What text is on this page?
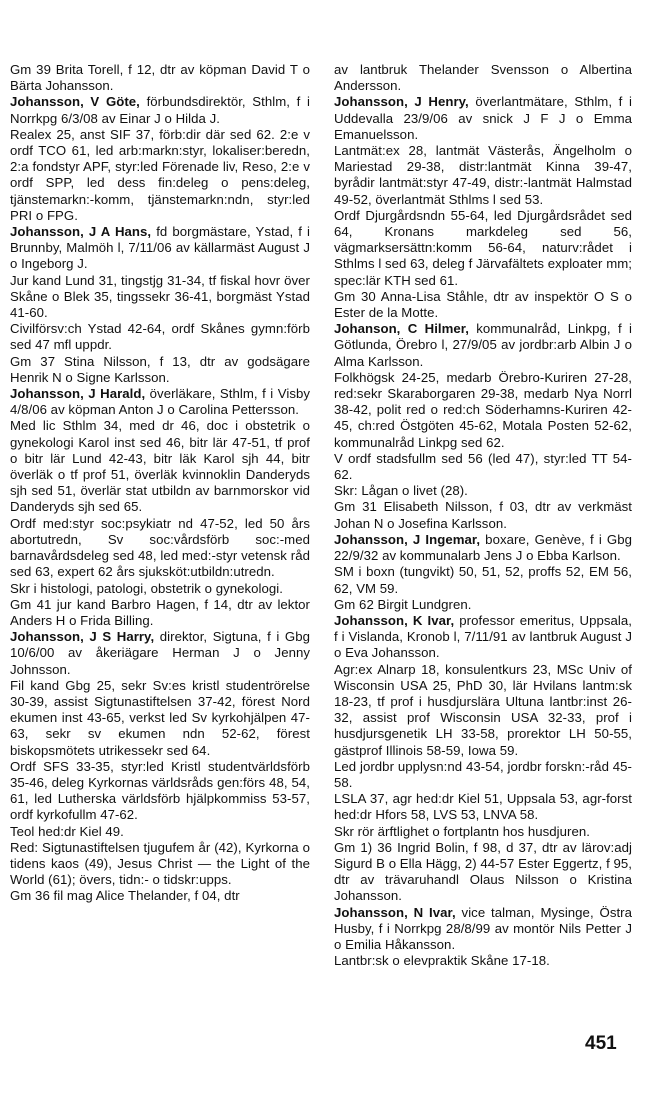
Gm 39 Brita Torell, f 12, dtr av köpman David T o Bärta Johansson.

Johansson, V Göte, förbundsdirektör, Sthlm, f i Norrkpg 6/3/08 av Einar J o Hilda J.

Realex 25, anst SIF 37, förb:dir där sed 62. 2:e v ordf TCO 61, led arb:markn:styr, lokaliser:beredn, 2:a fondstyr APF, styr:led Förenade liv, Reso, 2:e v ordf SPP, led dess fin:deleg o pens:deleg, tjänstemarkn:-komm, tjänstemarkn:ndn, styr:led PRI o FPG.

Johansson, J A Hans, fd borgmästare, Ystad, f i Brunnby, Malmöh l, 7/11/06 av källarmäst August J o Ingeborg J.

Jur kand Lund 31, tingstjg 31-34, tf fiskal hovr över Skåne o Blek 35, tingssekr 36-41, borgmäst Ystad 41-60.

Civilförsv:ch Ystad 42-64, ordf Skånes gymn:förb sed 47 mfl uppdr.

Gm 37 Stina Nilsson, f 13, dtr av godsägare Henrik N o Signe Karlsson.

Johansson, J Harald, överläkare, Sthlm, f i Visby 4/8/06 av köpman Anton J o Carolina Pettersson.

Med lic Sthlm 34, med dr 46, doc i obstetrik o gynekologi Karol inst sed 46, bitr lär 47-51, tf prof o bitr lär Lund 42-43, bitr läk Karol sjh 44, bitr överläk o tf prof 51, överläk kvinnoklin Danderyds sjh sed 51, överlär stat utbildn av barnmorskor vid Danderyds sjh sed 65.

Ordf med:styr soc:psykiatr nd 47-52, led 50 års abortutredn, Sv soc:vårdsförb soc:-med barnavårdsdeleg sed 48, led med:-styr vetensk råd sed 63, expert 62 års sjuksköt:utbildn:utredn.

Skr i histologi, patologi, obstetrik o gynekologi.

Gm 41 jur kand Barbro Hagen, f 14, dtr av lektor Anders H o Frida Billing.

Johansson, J S Harry, direktor, Sigtuna, f i Gbg 10/6/00 av åkeriägare Herman J o Jenny Johnsson.

Fil kand Gbg 25, sekr Sv:es kristl studentrörelse 30-39, assist Sigtunastiftelsen 37-42, förest Nord ekumen inst 43-65, verkst led Sv kyrkohjälpen 47-63, sekr sv ekumen ndn 52-62, förest biskopsmötets utrikessekr sed 64.

Ordf SFS 33-35, styr:led Kristl studentvärldsförb 35-46, deleg Kyrkornas världsråds gen:förs 48, 54, 61, led Lutherska världsförb hjälpkommiss 53-57, ordf kyrkofullm 47-62.

Teol hed:dr Kiel 49.

Red: Sigtunastiftelsen tjugufem år (42), Kyrkorna o tidens kaos (49), Jesus Christ — the Light of the World (61); övers, tidn:- o tidskr:upps.

Gm 36 fil mag Alice Thelander, f 04, dtr

av lantbruk Thelander Svensson o Albertina Andersson.

Johansson, J Henry, överlantmätare, Sthlm, f i Uddevalla 23/9/06 av snick J F J o Emma Emanuelsson.

Lantmät:ex 28, lantmät Västerås, Ängelholm o Mariestad 29-38, distr:lantmät Kinna 39-47, byrådir lantmät:styr 47-49, distr:-lantmät Halmstad 49-52, överlantmät Sthlms l sed 53.

Ordf Djurgårdsndn 55-64, led Djurgårdsrådet sed 64, Kronans markdeleg sed 56, vägmarksersättn:komm 56-64, naturv:rådet i Sthlms l sed 63, deleg f Järvafältets exploater mm; spec:lär KTH sed 61.

Gm 30 Anna-Lisa Ståhle, dtr av inspektör O S o Ester de la Motte.

Johanson, C Hilmer, kommunalråd, Linkpg, f i Götlunda, Örebro l, 27/9/05 av jordbr:arb Albin J o Alma Karlsson.

Folkhögsk 24-25, medarb Örebro-Kuriren 27-28, red:sekr Skaraborgaren 29-38, medarb Nya Norrl 38-42, polit red o red:ch Söderhamns-Kuriren 42-45, ch:red Östgöten 45-62, Motala Posten 52-62, kommunalråd Linkpg sed 62.

V ordf stadsfullm sed 56 (led 47), styr:led TT 54-62.

Skr: Lågan o livet (28).

Gm 31 Elisabeth Nilsson, f 03, dtr av verkmäst Johan N o Josefina Karlsson.

Johansson, J Ingemar, boxare, Genève, f i Gbg 22/9/32 av kommunalarb Jens J o Ebba Karlson.

SM i boxn (tungvikt) 50, 51, 52, proffs 52, EM 56, 62, VM 59.

Gm 62 Birgit Lundgren.

Johansson, K Ivar, professor emeritus, Uppsala, f i Vislanda, Kronob l, 7/11/91 av lantbruk August J o Eva Johansson.

Agr:ex Alnarp 18, konsulentkurs 23, MSc Univ of Wisconsin USA 25, PhD 30, lär Hvilans lantm:sk 18-23, tf prof i husdjurslära Ultuna lantbr:inst 26-32, assist prof Wisconsin USA 32-33, prof i husdjursgenetik LH 33-58, prorektor LH 50-55, gästprof Illinois 58-59, Iowa 59.

Led jordbr upplysn:nd 43-54, jordbr forskn:-råd 45-58.

LSLA 37, agr hed:dr Kiel 51, Uppsala 53, agr-forst hed:dr Hfors 58, LVS 53, LNVA 58.

Skr rör ärftlighet o fortplantn hos husdjuren.

Gm 1) 36 Ingrid Bolin, f 98, d 37, dtr av lärov:adj Sigurd B o Ella Hägg, 2) 44-57 Ester Eggertz, f 95, dtr av trävaruhandl Olaus Nilsson o Kristina Johansson.

Johansson, N Ivar, vice talman, Mysinge, Östra Husby, f i Norrkpg 28/8/99 av montör Nils Petter J o Emilia Håkansson.

Lantbr:sk o elevpraktik Skåne 17-18.

451
